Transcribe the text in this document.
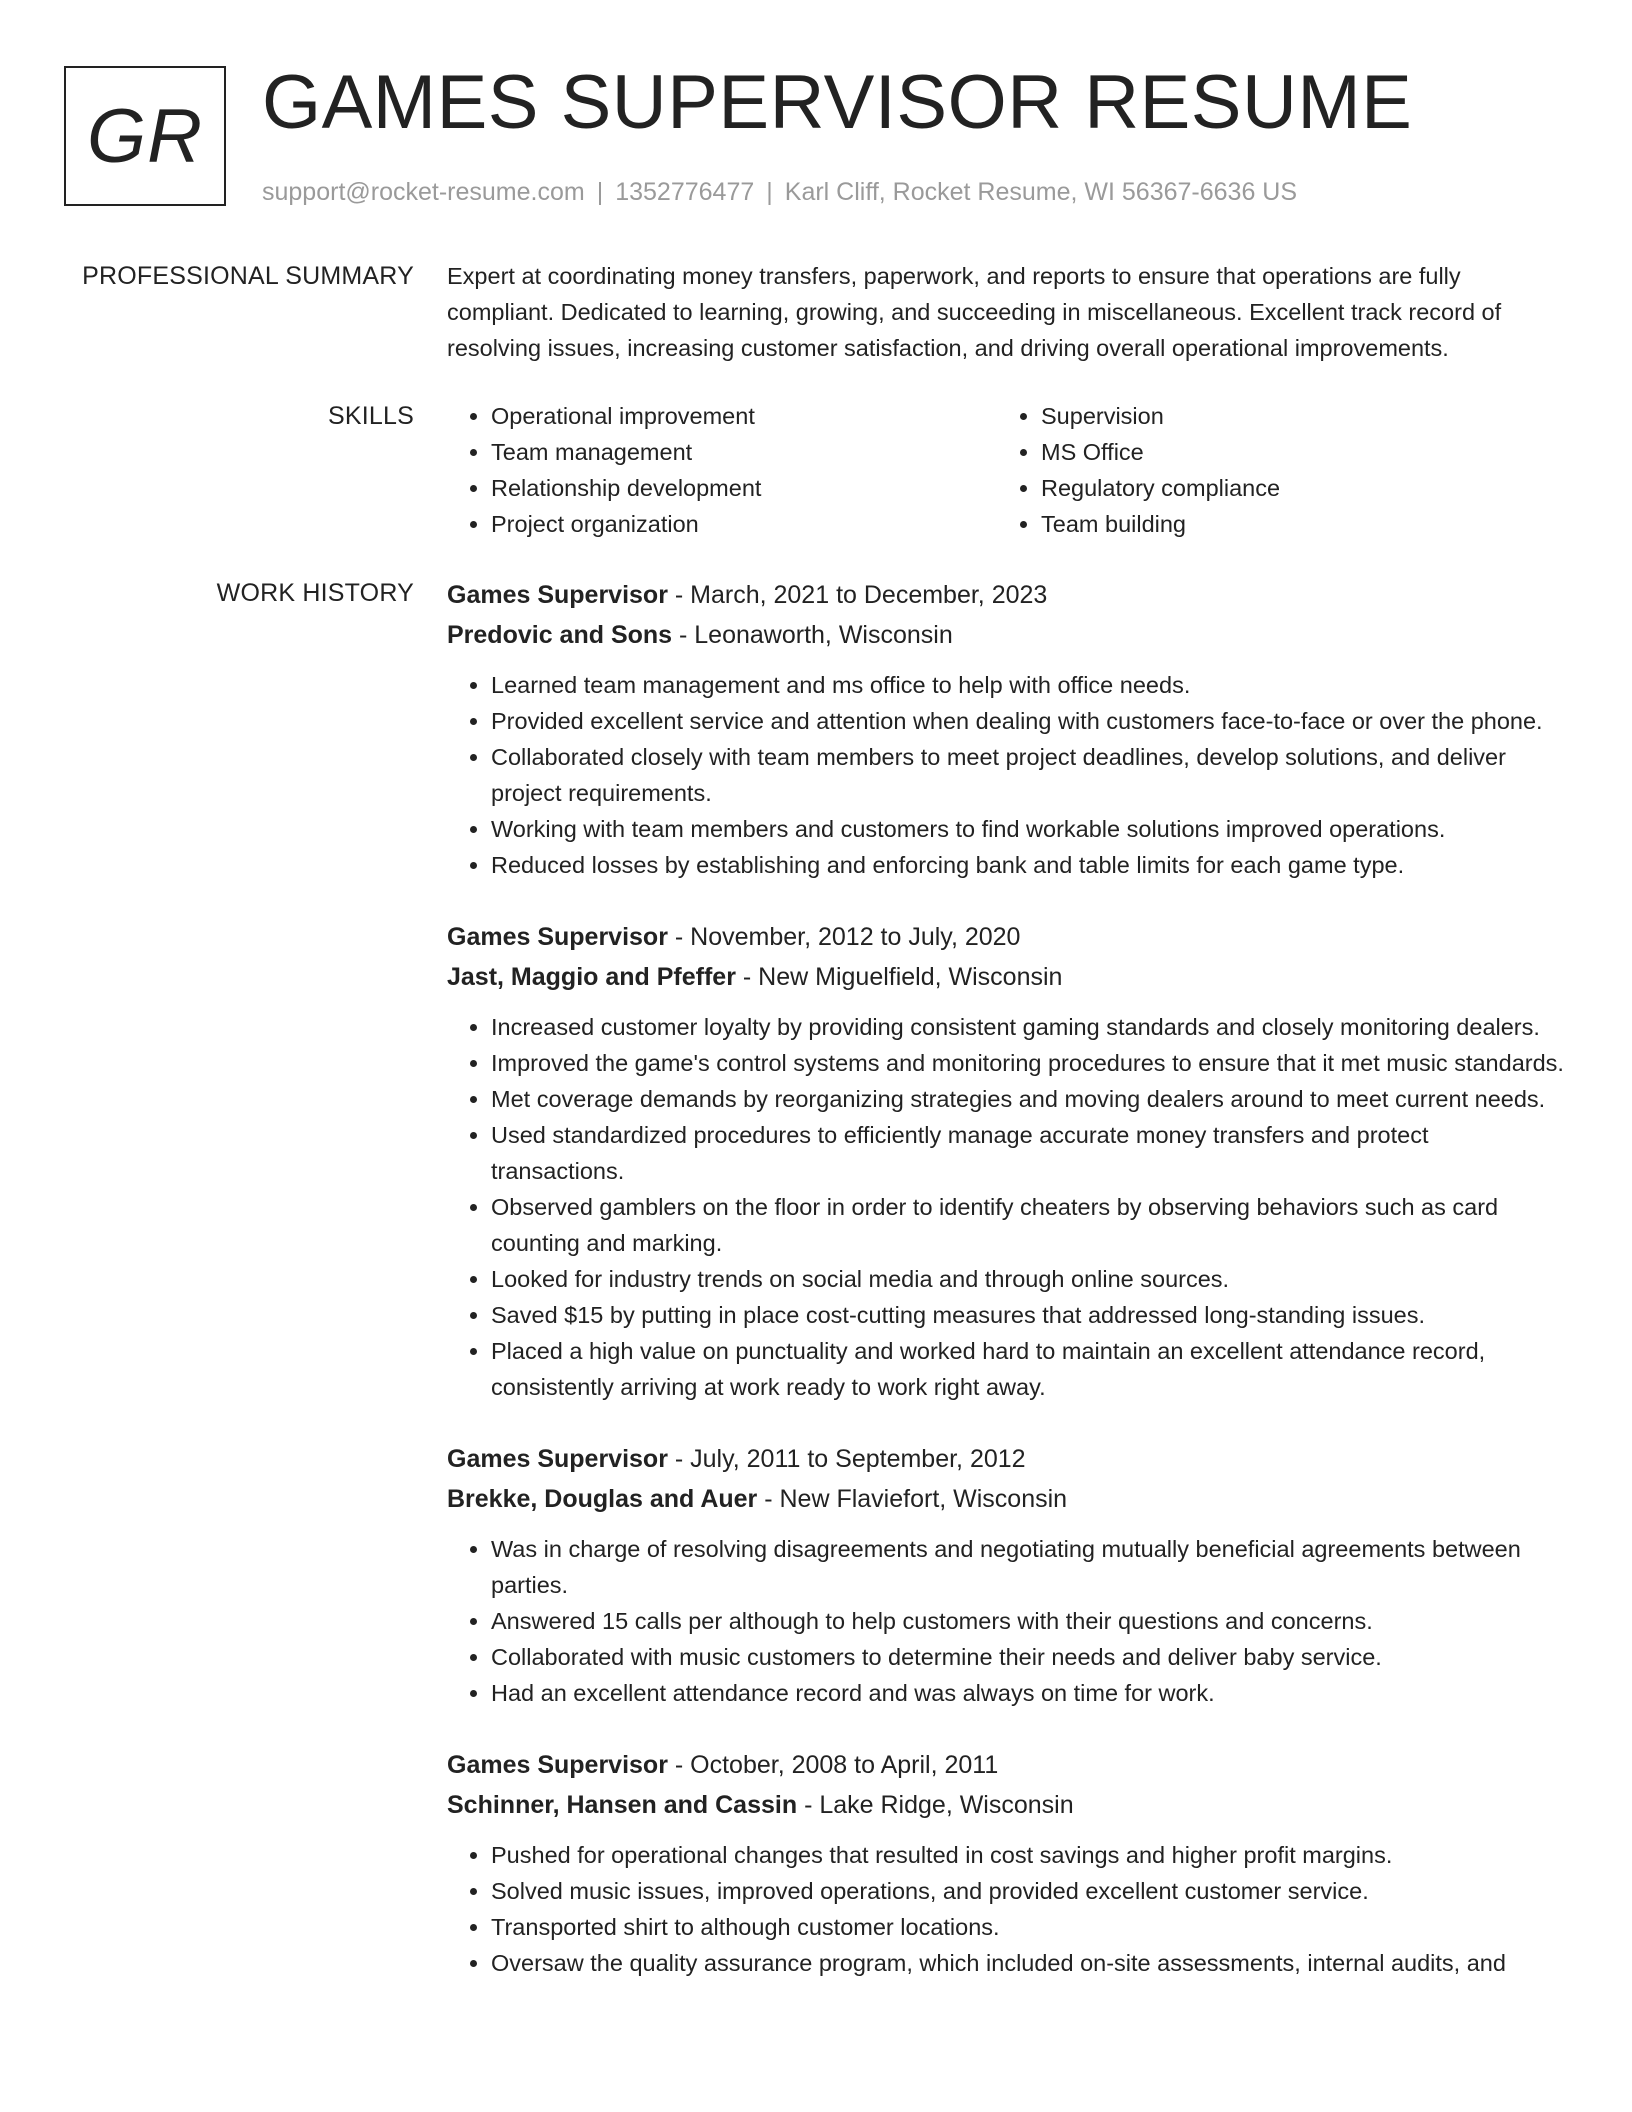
GR GAMES SUPERVISOR RESUME
support@rocket-resume.com | 1352776477 | Karl Cliff, Rocket Resume, WI 56367-6636 US
PROFESSIONAL SUMMARY Expert at coordinating money transfers, paperwork, and reports to ensure that operations are fully compliant. Dedicated to learning, growing, and succeeding in miscellaneous. Excellent track record of resolving issues, increasing customer satisfaction, and driving overall operational improvements.

SKILLS
•	Operational improvement
• Team management
• Relationship development
• Project organization
• Supervision
• MS Office
• Regulatory compliance
• Team building
WORK HISTORY Games Supervisor - March, 2021 to December, 2023
Predovic and Sons - Leonaworth, Wisconsin
• Learned team management and ms office to help with office needs.
• Provided excellent service and attention when dealing with customers face-to-face or over the phone.
• Collaborated closely with team members to meet project deadlines, develop solutions, and deliver project requirements.
• Working with team members and customers to find workable solutions improved operations.
• Reduced losses by establishing and enforcing bank and table limits for each game type.
Games Supervisor - November, 2012 to July, 2020
Jast, Maggio and Pfeffer - New Miguelfield, Wisconsin
• Increased customer loyalty by providing consistent gaming standards and closely monitoring dealers.
• Improved the game's control systems and monitoring procedures to ensure that it met music standards.
• Met coverage demands by reorganizing strategies and moving dealers around to meet current needs.
• Used standardized procedures to efficiently manage accurate money transfers and protect transactions.
• Observed gamblers on the floor in order to identify cheaters by observing behaviors such as card counting and marking.
• Looked for industry trends on social media and through online sources.
• Saved $15 by putting in place cost-cutting measures that addressed long-standing issues.
• Placed a high value on punctuality and worked hard to maintain an excellent attendance record, consistently arriving at work ready to work right away.
Games Supervisor - July, 2011 to September, 2012
Brekke, Douglas and Auer - New Flaviefort, Wisconsin
• Was in charge of resolving disagreements and negotiating mutually beneficial agreements between parties.
• Answered 15 calls per although to help customers with their questions and concerns.
• Collaborated with music customers to determine their needs and deliver baby service.
• Had an excellent attendance record and was always on time for work.
Games Supervisor - October, 2008 to April, 2011
Schinner, Hansen and Cassin - Lake Ridge, Wisconsin
• Pushed for operational changes that resulted in cost savings and higher profit margins.
• Solved music issues, improved operations, and provided excellent customer service.
• Transported shirt to although customer locations.
• Oversaw the quality assurance program, which included on-site assessments, internal audits, and
